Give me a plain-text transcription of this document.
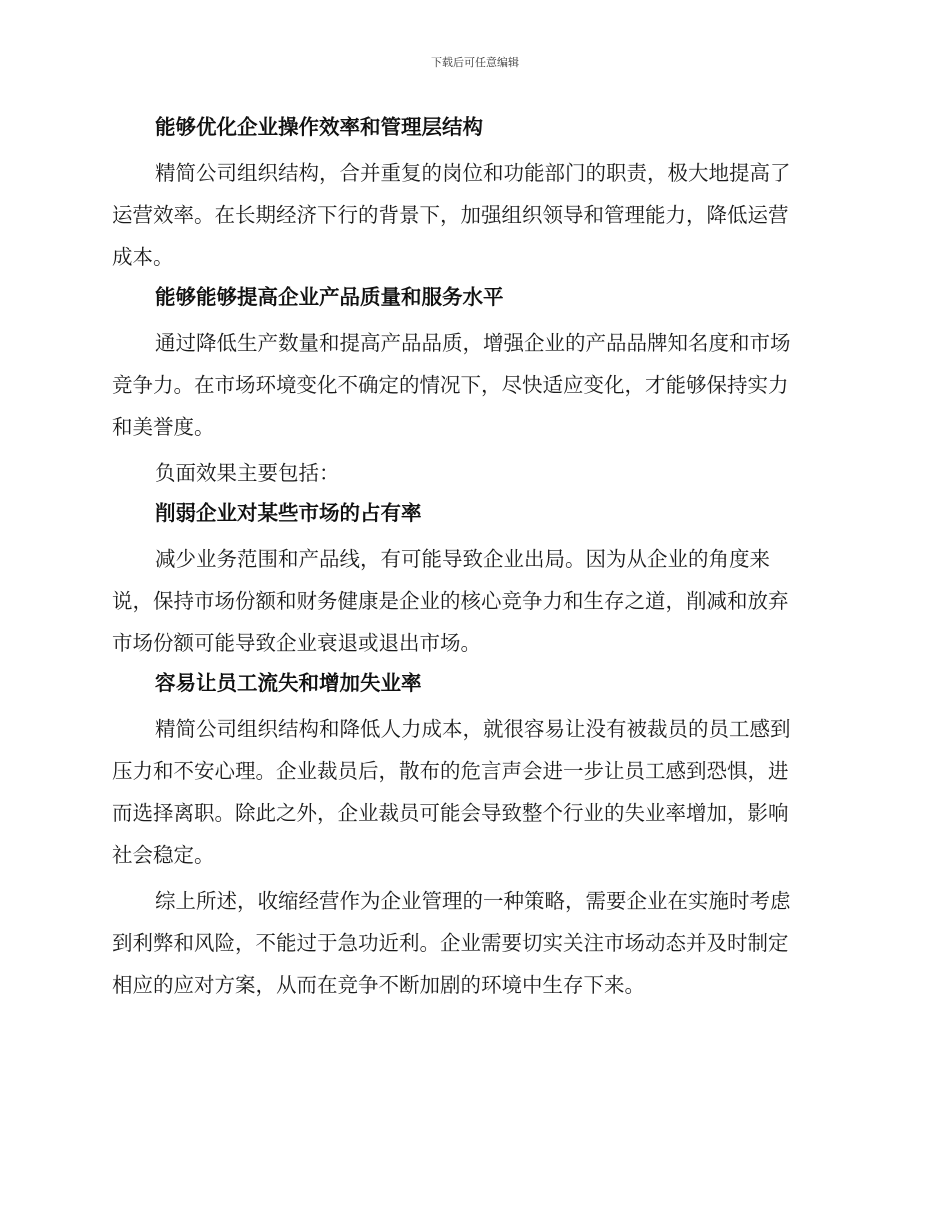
下载后可任意编辑
能够优化企业操作效率和管理层结构
精简公司组织结构，合并重复的岗位和功能部门的职责，极大地提高了
运营效率。在长期经济下行的背景下，加强组织领导和管理能力，降低运营
成本。
能够能够提高企业产品质量和服务水平
通过降低生产数量和提高产品品质，增强企业的产品品牌知名度和市场
竞争力。在市场环境变化不确定的情况下，尽快适应变化，才能够保持实力
和美誉度。
负面效果主要包括：
削弱企业对某些市场的占有率
减少业务范围和产品线，有可能导致企业出局。因为从企业的角度来
说，保持市场份额和财务健康是企业的核心竞争力和生存之道，削减和放弃
市场份额可能导致企业衰退或退出市场。
容易让员工流失和增加失业率
精简公司组织结构和降低人力成本，就很容易让没有被裁员的员工感到
压力和不安心理。企业裁员后，散布的危言声会进一步让员工感到恐惧，进
而选择离职。除此之外，企业裁员可能会导致整个行业的失业率增加，影响
社会稳定。
综上所述，收缩经营作为企业管理的一种策略，需要企业在实施时考虑
到利弊和风险，不能过于急功近利。企业需要切实关注市场动态并及时制定
相应的应对方案，从而在竞争不断加剧的环境中生存下来。
